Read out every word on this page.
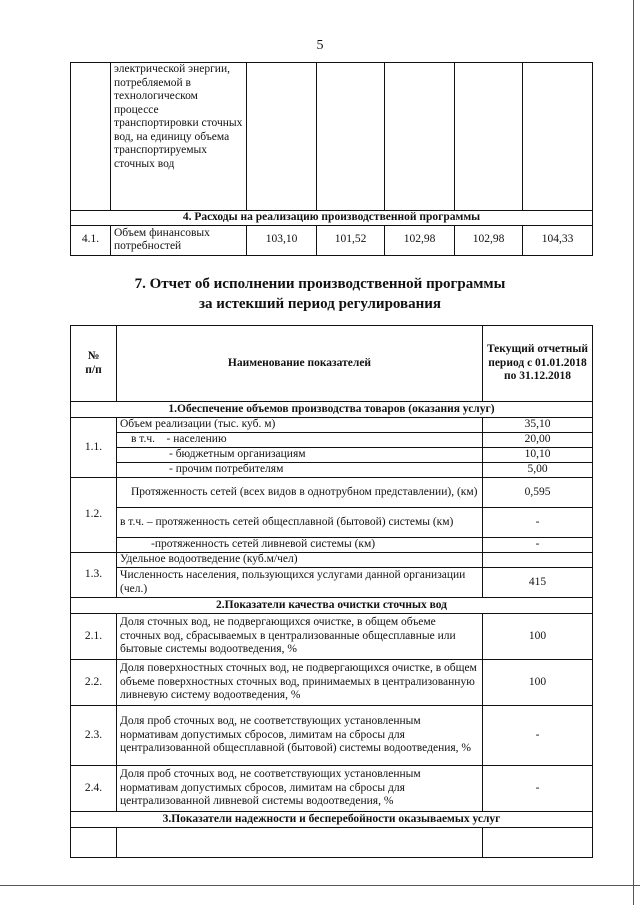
5
	электрической энергии, потребляемой в технологическом процессе транспортировки сточных вод, на единицу объема транспортируемых сточных вод					
4. Расходы на реализацию производственной программы						
4.1.	Объем финансовых потребностей	103,10	101,52	102,98	102,98	104,33
7. Отчет об исполнении производственной программы
за истекший период регулирования
№ п/п	Наименование показателей	Текущий отчетный период с 01.01.2018 по 31.12.2018
1.Обеспечение объемов производства товаров (оказания услуг)		
1.1.	Объем реализации (тыс. куб. м)	35,10
	в т.ч.    - населению	20,00
	- бюджетным организациям	10,10
	- прочим потребителям	5,00
1.2.	Протяженность сетей (всех видов в однотрубном представлении), (км)	0,595
	в т.ч. – протяженность сетей общесплавной (бытовой) системы (км)	-
	-протяженность сетей ливневой системы (км)	-
1.3.	Удельное водоотведение (куб.м/чел)	
	Численность населения, пользующихся услугами данной организации (чел.)	415
2.Показатели качества очистки сточных вод		
2.1.	Доля сточных вод, не подвергающихся очистке, в общем объеме сточных вод, сбрасываемых в централизованные общесплавные или бытовые системы водоотведения, %	100
2.2.	Доля поверхностных сточных вод, не подвергающихся очистке, в общем объеме поверхностных сточных вод, принимаемых в централизованную ливневую систему водоотведения, %	100
2.3.	Доля проб сточных вод, не соответствующих установленным нормативам допустимых сбросов, лимитам на сбросы для централизованной общесплавной (бытовой) системы водоотведения, %	-
2.4.	Доля проб сточных вод, не соответствующих установленным нормативам допустимых сбросов, лимитам на сбросы для централизованной ливневой системы водоотведения, %	-
3.Показатели надежности и бесперебойности оказываемых услуг		
